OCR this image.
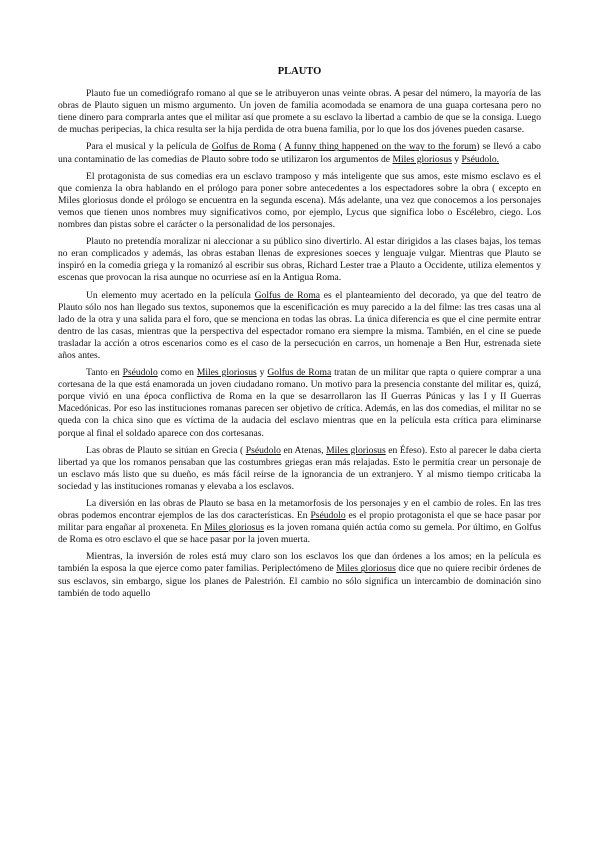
PLAUTO

Plauto fue un comediógrafo romano al que se le atribuyeron unas veinte obras. A pesar del número, la mayoría de las obras de Plauto siguen un mismo argumento. Un joven de familia acomodada se enamora de una guapa cortesana pero no tiene dinero para comprarla antes que el militar así que promete a su esclavo la libertad a cambio de que se la consiga. Luego de muchas peripecias, la chica resulta ser la hija perdida de otra buena familia, por lo que los dos jóvenes pueden casarse.

Para el musical y la película de Golfus de Roma ( A funny thing happened on the way to the forum) se llevó a cabo una contaminatio de las comedias de Plauto sobre todo se utilizaron los argumentos de Miles gloriosus y Pséudolo.

El protagonista de sus comedias era un esclavo tramposo y más inteligente que sus amos, este mismo esclavo es el que comienza la obra hablando en el prólogo para poner sobre antecedentes a los espectadores sobre la obra ( excepto en Miles gloriosus donde el prólogo se encuentra en la segunda escena). Más adelante, una vez que conocemos a los personajes vemos que tienen unos nombres muy significativos como, por ejemplo, Lycus que significa lobo o Escélebro, ciego. Los nombres dan pistas sobre el carácter o la personalidad de los personajes.

Plauto no pretendía moralizar ni aleccionar a su público sino divertirlo. Al estar dirigidos a las clases bajas, los temas no eran complicados y además, las obras estaban llenas de expresiones soeces y lenguaje vulgar. Mientras que Plauto se inspiró en la comedia griega y la romanizó al escribir sus obras, Richard Lester trae a Plauto a Occidente, utiliza elementos y escenas que provocan la risa aunque no ocurriese así en la Antigua Roma.

Un elemento muy acertado en la película Golfus de Roma es el planteamiento del decorado, ya que del teatro de Plauto sólo nos han llegado sus textos, suponemos que la escenificación es muy parecido a la del filme: las tres casas una al lado de la otra y una salida para el foro, que se menciona en todas las obras. La única diferencia es que el cine permite entrar dentro de las casas, mientras que la perspectiva del espectador romano era siempre la misma. También, en el cine se puede trasladar la acción a otros escenarios como es el caso de la persecución en carros, un homenaje a Ben Hur, estrenada siete años antes.

Tanto en Pséudolo como en Miles gloriosus y Golfus de Roma tratan de un militar que rapta o quiere comprar a una cortesana de la que está enamorada un joven ciudadano romano. Un motivo para la presencia constante del militar es, quizá, porque vivió en una época conflictiva de Roma en la que se desarrollaron las II Guerras Púnicas y las I y II Guerras Macedónicas. Por eso las instituciones romanas parecen ser objetivo de crítica. Además, en las dos comedias, el militar no se queda con la chica sino que es víctima de la audacia del esclavo mientras que en la película esta crítica para eliminarse porque al final el soldado aparece con dos cortesanas.

Las obras de Plauto se sitúan en Grecia ( Pséudolo en Atenas, Miles gloriosus en Éfeso). Esto al parecer le daba cierta libertad ya que los romanos pensaban que las costumbres griegas eran más relajadas. Esto le permitía crear un personaje de un esclavo más listo que su dueño, es más fácil reírse de la ignorancia de un extranjero. Y al mismo tiempo criticaba la sociedad y las instituciones romanas y elevaba a los esclavos.

La diversión en las obras de Plauto se basa en la metamorfosis de los personajes y en el cambio de roles. En las tres obras podemos encontrar ejemplos de las dos características. En Pséudolo es el propio protagonista el que se hace pasar por militar para engañar al proxeneta. En Miles gloriosus es la joven romana quién actúa como su gemela. Por último, en Golfus de Roma es otro esclavo el que se hace pasar por la joven muerta.

Mientras, la inversión de roles está muy claro son los esclavos los que dan órdenes a los amos; en la película es también la esposa la que ejerce como pater familias. Periplectómeno de Miles gloriosus dice que no quiere recibir órdenes de sus esclavos, sin embargo, sigue los planes de Palestrión. El cambio no sólo significa un intercambio de dominación sino también de todo aquello
